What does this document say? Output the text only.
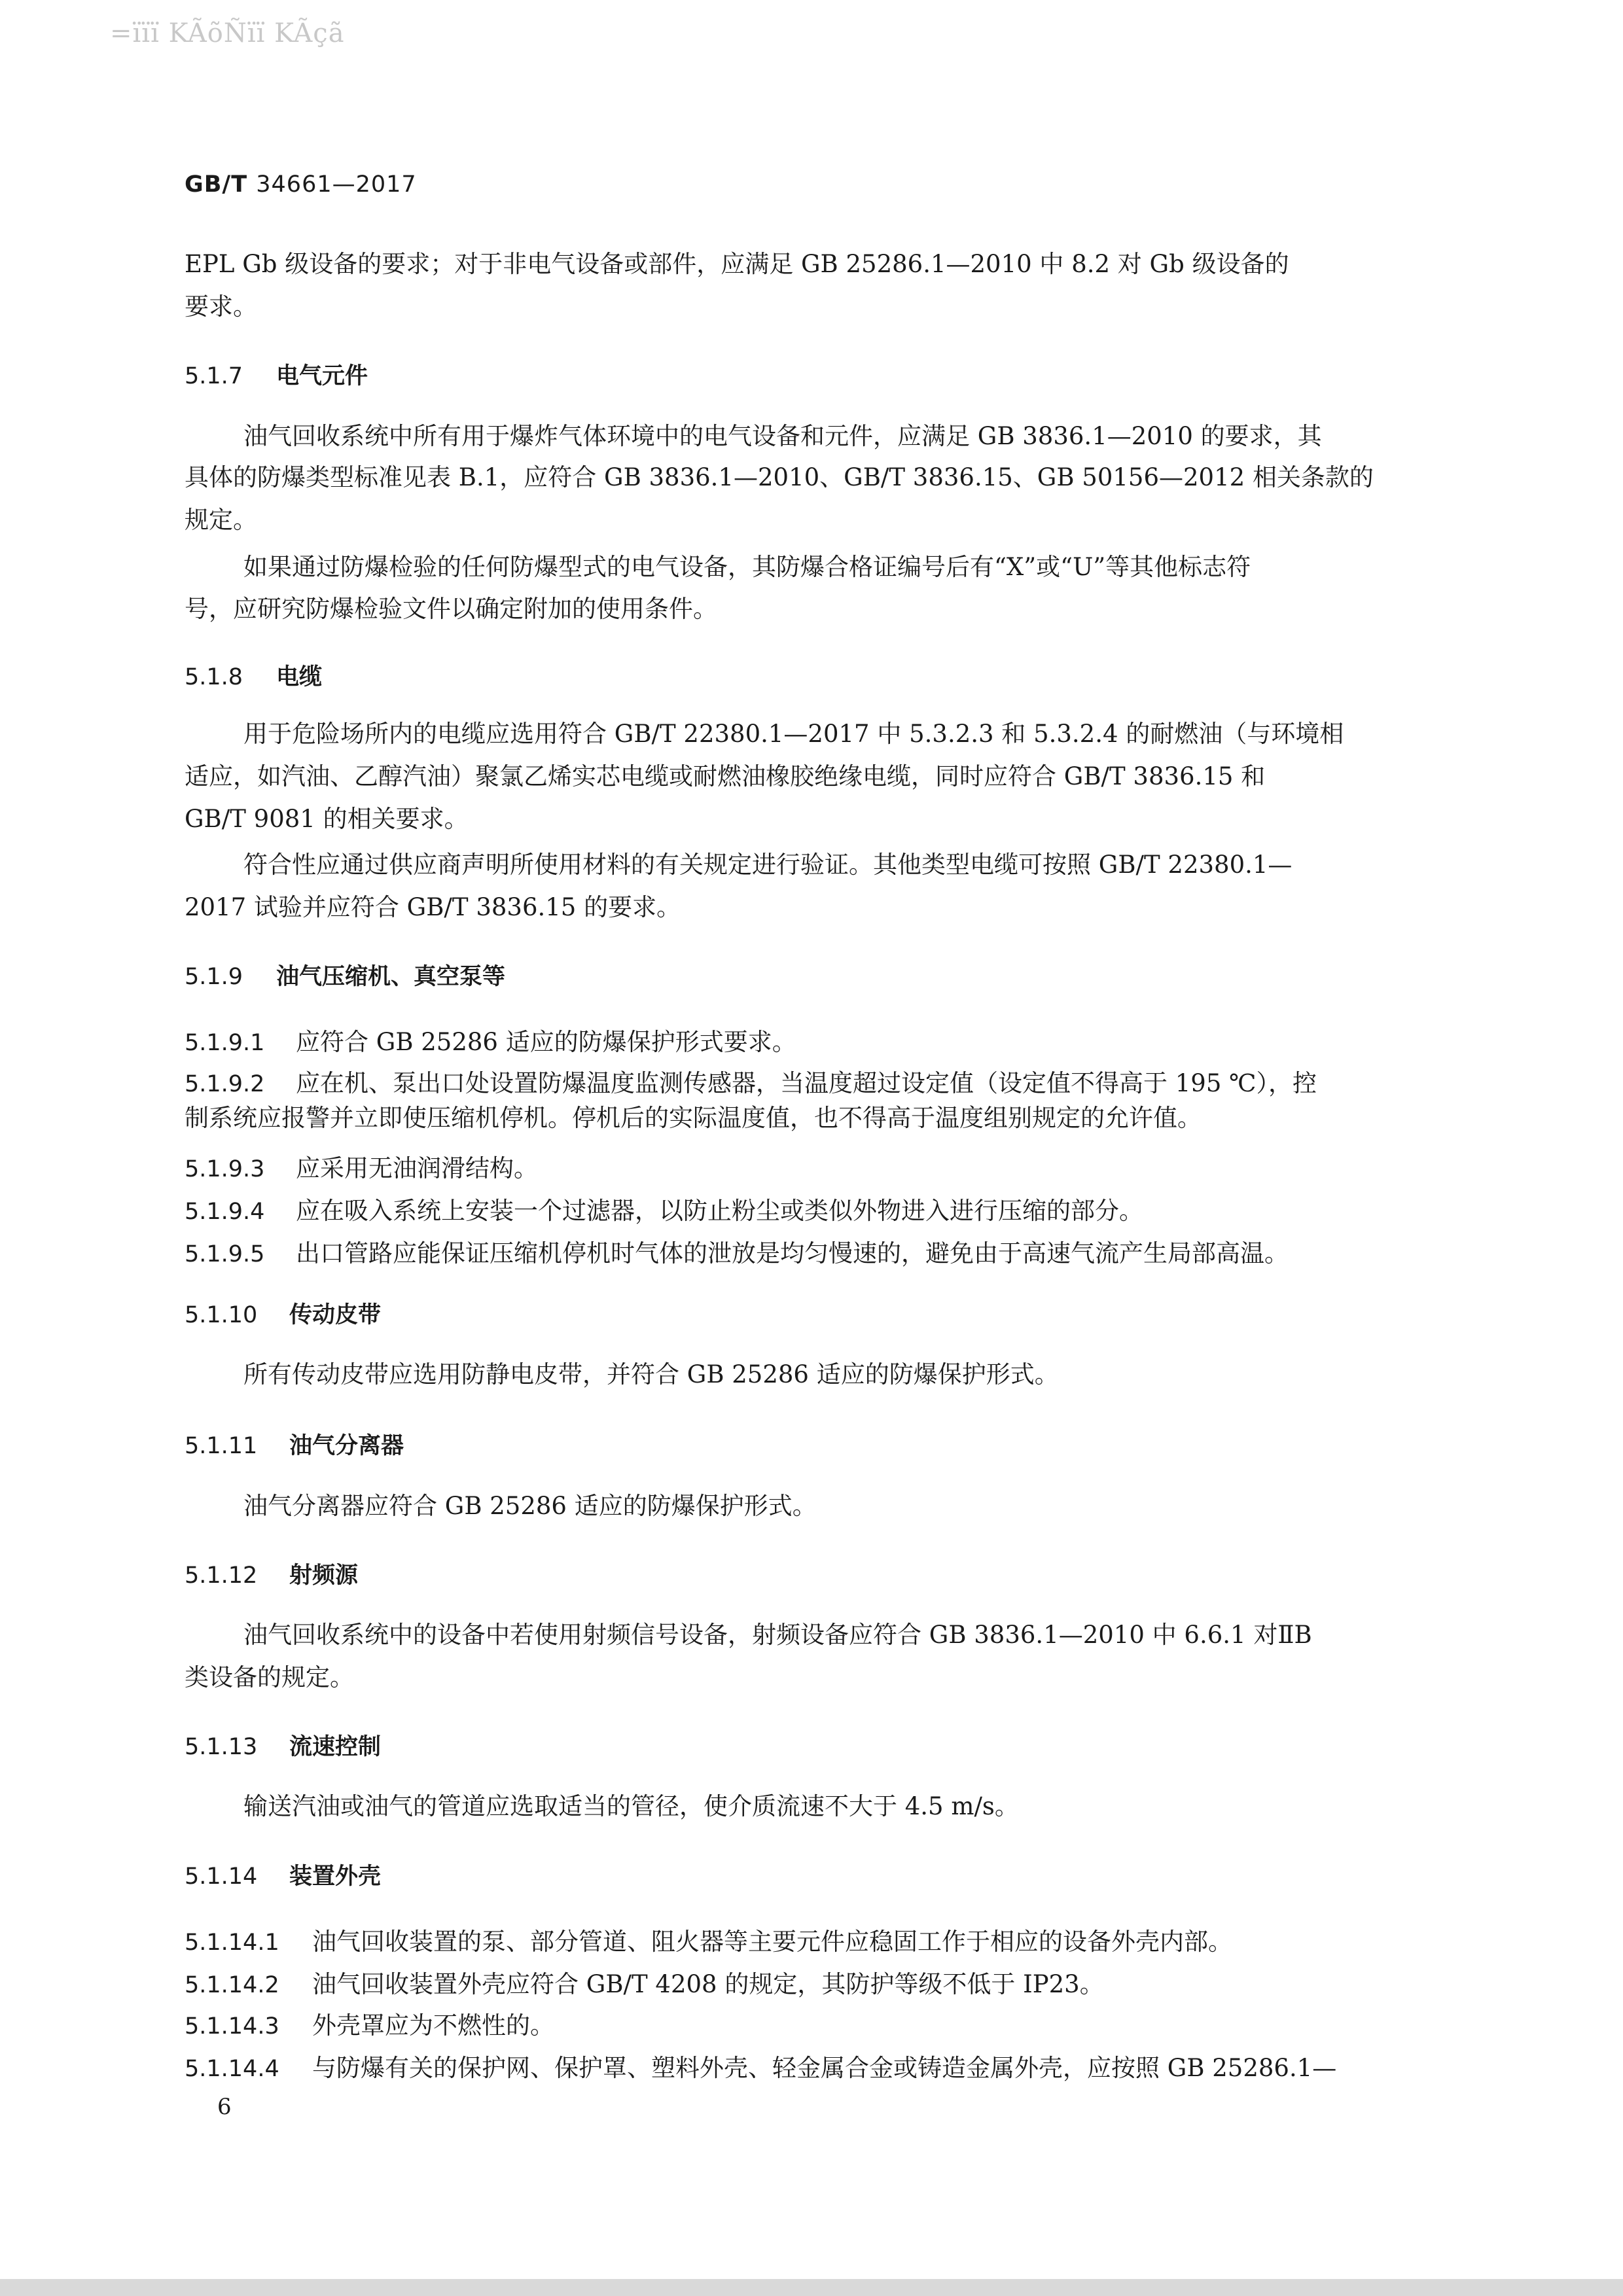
=ïïï KÃõÑïï KÃçã
GB/T 34661—2017
EPL Gb 级设备的要求；对于非电气设备或部件，应满足 GB 25286.1—2010 中 8.2 对 Gb 级设备的
要求。
5.1.7 电气元件
油气回收系统中所有用于爆炸气体环境中的电气设备和元件，应满足 GB 3836.1—2010 的要求，其
具体的防爆类型标准见表 B.1，应符合 GB 3836.1—2010、GB/T 3836.15、GB 50156—2012 相关条款的
规定。
如果通过防爆检验的任何防爆型式的电气设备，其防爆合格证编号后有“X”或“U”等其他标志符
号，应研究防爆检验文件以确定附加的使用条件。
5.1.8 电缆
用于危险场所内的电缆应选用符合 GB/T 22380.1—2017 中 5.3.2.3 和 5.3.2.4 的耐燃油（与环境相
适应，如汽油、乙醇汽油）聚氯乙烯实芯电缆或耐燃油橡胶绝缘电缆，同时应符合 GB/T 3836.15 和
GB/T 9081 的相关要求。
符合性应通过供应商声明所使用材料的有关规定进行验证。其他类型电缆可按照 GB/T 22380.1—
2017 试验并应符合 GB/T 3836.15 的要求。
5.1.9 油气压缩机、真空泵等
5.1.9.1 应符合 GB 25286 适应的防爆保护形式要求。
5.1.9.2 应在机、泵出口处设置防爆温度监测传感器，当温度超过设定值（设定值不得高于 195 ℃），控
制系统应报警并立即使压缩机停机。停机后的实际温度值，也不得高于温度组别规定的允许值。
5.1.9.3 应采用无油润滑结构。
5.1.9.4 应在吸入系统上安装一个过滤器，以防止粉尘或类似外物进入进行压缩的部分。
5.1.9.5 出口管路应能保证压缩机停机时气体的泄放是均匀慢速的，避免由于高速气流产生局部高温。
5.1.10 传动皮带
所有传动皮带应选用防静电皮带，并符合 GB 25286 适应的防爆保护形式。
5.1.11 油气分离器
油气分离器应符合 GB 25286 适应的防爆保护形式。
5.1.12 射频源
油气回收系统中的设备中若使用射频信号设备，射频设备应符合 GB 3836.1—2010 中 6.6.1 对ⅡB
类设备的规定。
5.1.13 流速控制
输送汽油或油气的管道应选取适当的管径，使介质流速不大于 4.5 m/s。
5.1.14 装置外壳
5.1.14.1 油气回收装置的泵、部分管道、阻火器等主要元件应稳固工作于相应的设备外壳内部。
5.1.14.2 油气回收装置外壳应符合 GB/T 4208 的规定，其防护等级不低于 IP23。
5.1.14.3 外壳罩应为不燃性的。
5.1.14.4 与防爆有关的保护网、保护罩、塑料外壳、轻金属合金或铸造金属外壳，应按照 GB 25286.1—
6
